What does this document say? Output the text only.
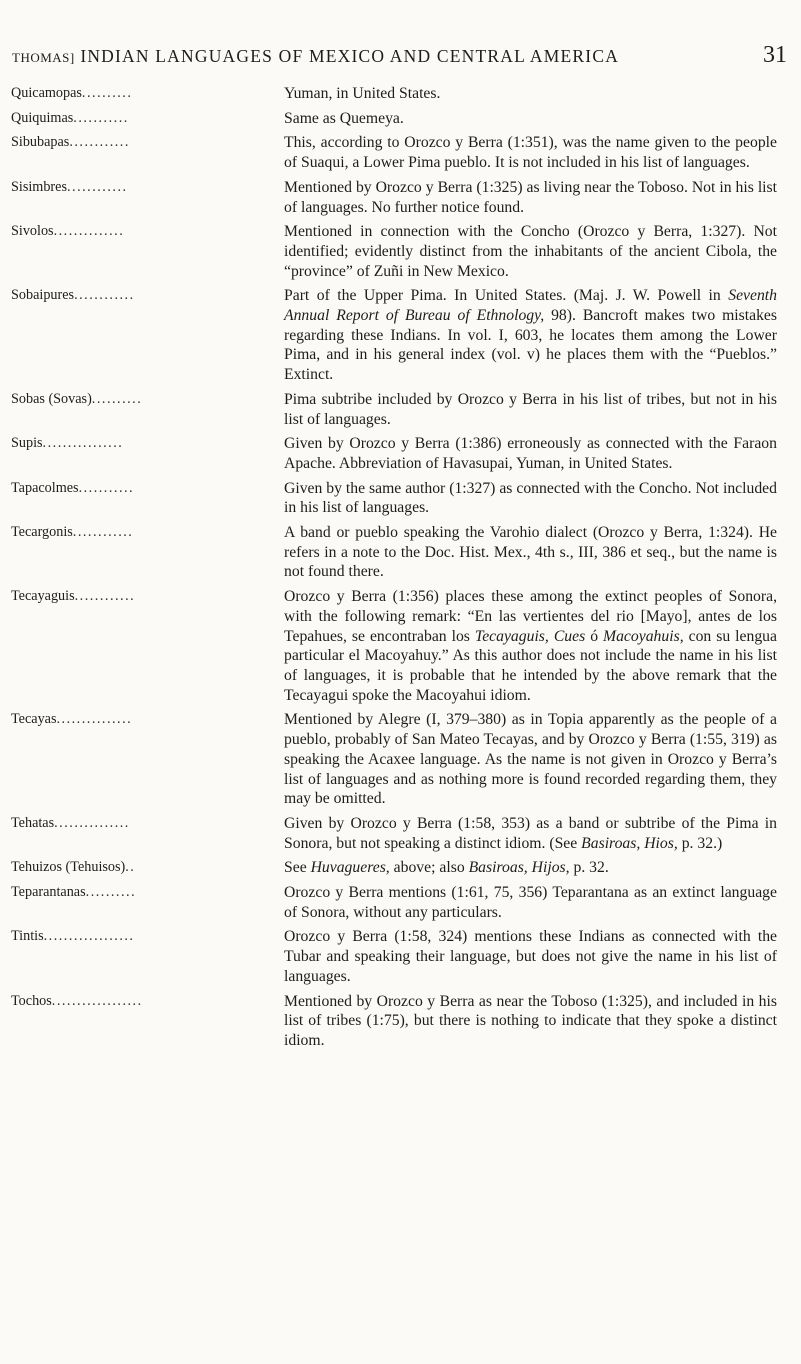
THOMAS] INDIAN LANGUAGES OF MEXICO AND CENTRAL AMERICA	31
Quicamopas..........	Yuman, in United States.
Quiquimas...........	Same as Quemeya.
Sibubapas............	This, according to Orozco y Berra (1:351), was the name given to the people of Suaqui, a Lower Pima pueblo. It is not included in his list of languages.
Sisimbres............	Mentioned by Orozco y Berra (1:325) as living near the Toboso. Not in his list of languages. No further notice found.
Sivolos..............	Mentioned in connection with the Concho (Orozco y Berra, 1:327). Not identified; evidently distinct from the inhabitants of the ancient Cibola, the “province” of Zuñi in New Mexico.
Sobaipures............	Part of the Upper Pima. In United States. (Maj. J. W. Powell in Seventh Annual Report of Bureau of Ethnology, 98). Bancroft makes two mistakes regarding these Indians. In vol. I, 603, he locates them among the Lower Pima, and in his general index (vol. v) he places them with the “Pueblos.” Extinct.
Sobas (Sovas)..........	Pima subtribe included by Orozco y Berra in his list of tribes, but not in his list of languages.
Supis................	Given by Orozco y Berra (1:386) erroneously as connected with the Faraon Apache. Abbreviation of Havasupai, Yuman, in United States.
Tapacolmes...........	Given by the same author (1:327) as connected with the Concho. Not included in his list of languages.
Tecargonis............	A band or pueblo speaking the Varohio dialect (Orozco y Berra, 1:324). He refers in a note to the Doc. Hist. Mex., 4th s., III, 386 et seq., but the name is not found there.
Tecayaguis............	Orozco y Berra (1:356) places these among the extinct peoples of Sonora, with the following remark: “En las vertientes del rio [Mayo], antes de los Tepahues, se encontraban los Tecayaguis, Cues ó Macoyahuis, con su lengua particular el Macoyahuy.” As this author does not include the name in his list of languages, it is probable that he intended by the above remark that the Tecayagui spoke the Macoyahui idiom.
Tecayas...............	Mentioned by Alegre (I, 379–380) as in Topia apparently as the people of a pueblo, probably of San Mateo Tecayas, and by Orozco y Berra (1:55, 319) as speaking the Acaxee language. As the name is not given in Orozco y Berra’s list of languages and as nothing more is found recorded regarding them, they may be omitted.
Tehatas...............	Given by Orozco y Berra (1:58, 353) as a band or subtribe of the Pima in Sonora, but not speaking a distinct idiom. (See Basiroas, Hios, p. 32.)
Tehuizos (Tehuisos)..	See Huvagueres, above; also Basiroas, Hijos, p. 32.
Teparantanas..........	Orozco y Berra mentions (1:61, 75, 356) Teparantana as an extinct language of Sonora, without any particulars.
Tintis..................	Orozco y Berra (1:58, 324) mentions these Indians as connected with the Tubar and speaking their language, but does not give the name in his list of languages.
Tochos..................	Mentioned by Orozco y Berra as near the Toboso (1:325), and included in his list of tribes (1:75), but there is nothing to indicate that they spoke a distinct idiom.
